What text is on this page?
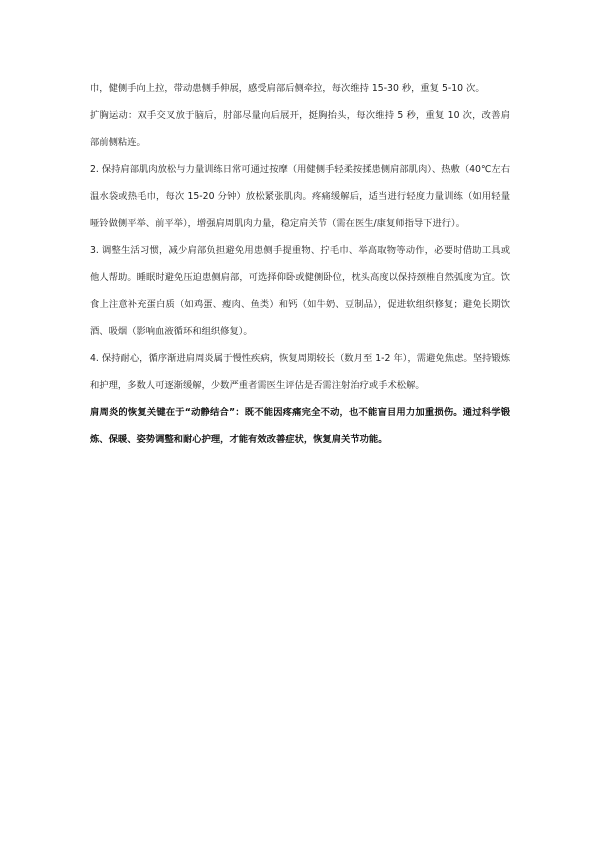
巾，健侧手向上拉，带动患侧手伸展，感受肩部后侧牵拉，每次维持 15-30 秒，重复 5-10 次。

扩胸运动：双手交叉放于脑后，肘部尽量向后展开，挺胸抬头，每次维持 5 秒，重复 10 次，改善肩部前侧粘连。

2. 保持肩部肌肉放松与力量训练日常可通过按摩（用健侧手轻柔按揉患侧肩部肌肉）、热敷（40℃左右温水袋或热毛巾，每次 15-20 分钟）放松紧张肌肉。疼痛缓解后，适当进行轻度力量训练（如用轻量哑铃做侧平举、前平举），增强肩周肌肉力量，稳定肩关节（需在医生/康复师指导下进行）。

3. 调整生活习惯，减少肩部负担避免用患侧手提重物、拧毛巾、举高取物等动作，必要时借助工具或他人帮助。睡眠时避免压迫患侧肩部，可选择仰卧或健侧卧位，枕头高度以保持颈椎自然弧度为宜。饮食上注意补充蛋白质（如鸡蛋、瘦肉、鱼类）和钙（如牛奶、豆制品），促进软组织修复；避免长期饮酒、吸烟（影响血液循环和组织修复）。

4. 保持耐心，循序渐进肩周炎属于慢性疾病，恢复周期较长（数月至 1-2 年），需避免焦虑。坚持锻炼和护理，多数人可逐渐缓解，少数严重者需医生评估是否需注射治疗或手术松解。

肩周炎的恢复关键在于“动静结合”：既不能因疼痛完全不动，也不能盲目用力加重损伤。通过科学锻炼、保暖、姿势调整和耐心护理，才能有效改善症状，恢复肩关节功能。
